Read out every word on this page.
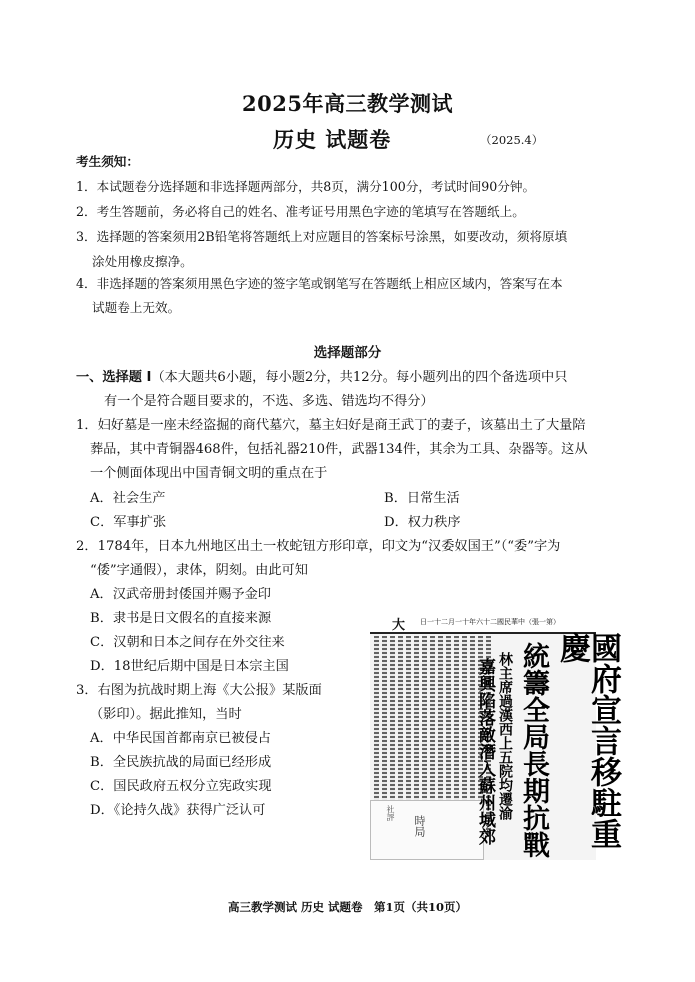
2025年高三教学测试
历史 试题卷	（2025.4）
考生须知：
1．本试题卷分选择题和非选择题两部分，共8页，满分100分，考试时间90分钟。
2．考生答题前，务必将自己的姓名、准考证号用黑色字迹的笔填写在答题纸上。
3．选择题的答案须用2B铅笔将答题纸上对应题目的答案标号涂黑，如要改动，须将原填
涂处用橡皮擦净。
4．非选择题的答案须用黑色字迹的签字笔或钢笔写在答题纸上相应区域内，答案写在本
试题卷上无效。
选择题部分
一、选择题 Ⅰ（本大题共6小题，每小题2分，共12分。每小题列出的四个备选项中只
有一个是符合题目要求的，不选、多选、错选均不得分）
1．妇好墓是一座未经盗掘的商代墓穴，墓主妇好是商王武丁的妻子，该墓出土了大量陪
葬品，其中青铜器468件，包括礼器210件，武器134件，其余为工具、杂器等。这从
一个侧面体现出中国青铜文明的重点在于
A．社会生产	B．日常生活
C．军事扩张	D．权力秩序
2．1784年，日本九州地区出土一枚蛇钮方形印章，印文为“汉委奴国王”（“委”字为
“倭”字通假），隶体，阴刻。由此可知
A．汉武帝册封倭国并赐予金印
B．隶书是日文假名的直接来源
C．汉朝和日本之间存在外交往来
D．18世纪后期中国是日本宗主国
3．右图为抗战时期上海《大公报》某版面
（影印）。据此推知，当时
A．中华民国首都南京已被侵占
B．全民族抗战的局面已经形成
C．国民政府五权分立宪政实现
D．《论持久战》获得广泛认可
大 日一十二月一十年六十二國民華中（張一第）
社評
時局	國府宣言移駐重慶
統籌全局長期抗戰
林主席過漢西上五院均遷渝
嘉興陷落敵潛入蘇州城郊
高三教学测试 历史 试题卷　第1页（共10页）
